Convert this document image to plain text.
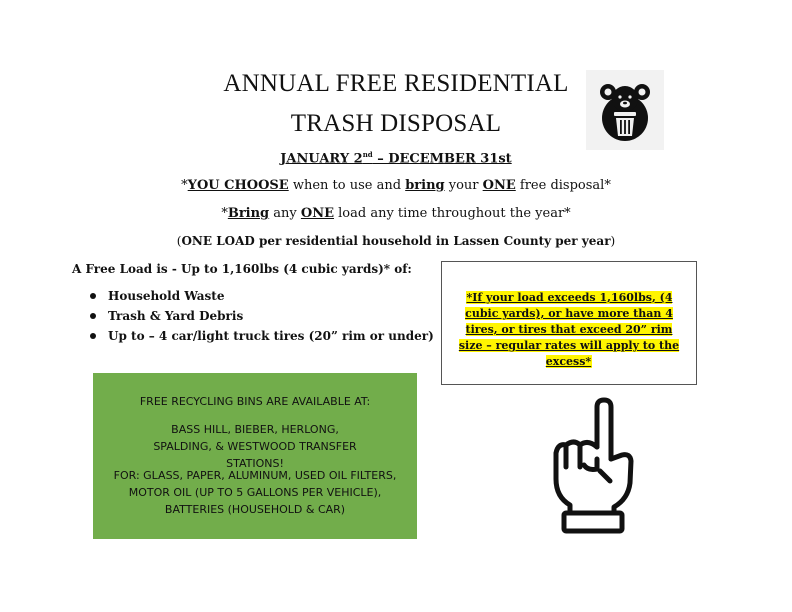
ANNUAL FREE RESIDENTIAL
TRASH DISPOSAL
JANUARY 2nd – DECEMBER 31st
*YOU CHOOSE when to use and bring your ONE free disposal*
*Bring any ONE load any time throughout the year*
(ONE LOAD per residential household in Lassen County per year)
A Free Load is - Up to 1,160lbs (4 cubic yards)* of:
Household Waste
Trash & Yard Debris
Up to – 4 car/light truck tires (20” rim or under)
*If your load exceeds 1,160lbs, (4 cubic yards), or have more than 4 tires, or tires that exceed 20” rim size – regular rates will apply to the excess*

FREE RECYCLING BINS ARE AVAILABLE AT:

BASS HILL, BIEBER, HERLONG, SPALDING, & WESTWOOD TRANSFER STATIONS!

FOR: GLASS, PAPER, ALUMINUM, USED OIL FILTERS, MOTOR OIL (UP TO 5 GALLONS PER VEHICLE), BATTERIES (HOUSEHOLD & CAR)
